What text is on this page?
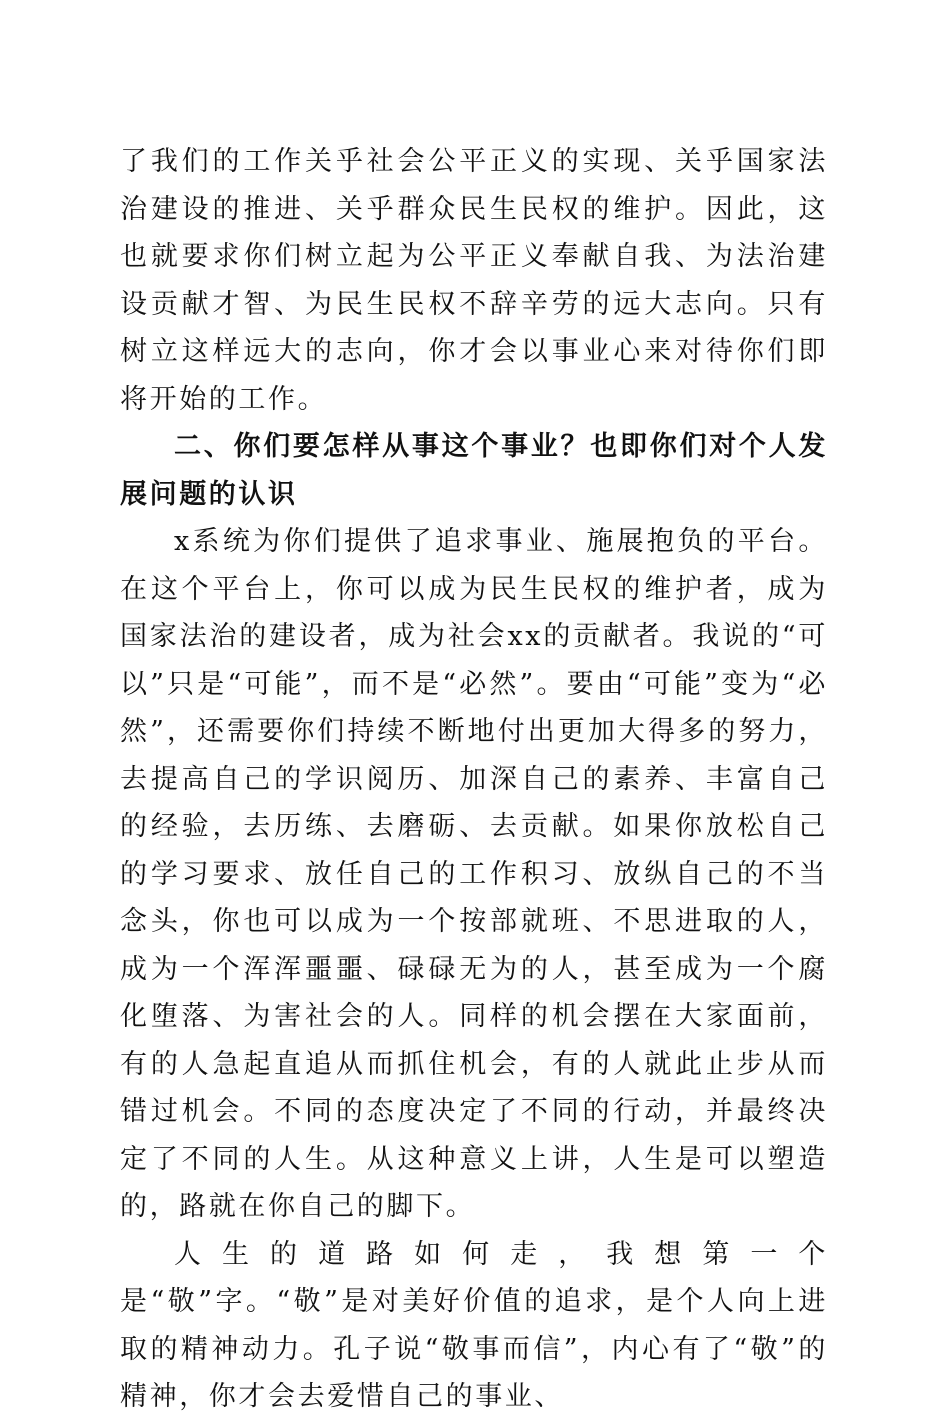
了我们的工作关乎社会公平正义的实现、关乎国家法治建设的推进、关乎群众民生民权的维护。因此，这也就要求你们树立起为公平正义奉献自我、为法治建设贡献才智、为民生民权不辞辛劳的远大志向。只有树立这样远大的志向，你才会以事业心来对待你们即将开始的工作。

二、你们要怎样从事这个事业？也即你们对个人发展问题的认识

x系统为你们提供了追求事业、施展抱负的平台。在这个平台上，你可以成为民生民权的维护者，成为国家法治的建设者，成为社会xx的贡献者。我说的“可以”只是“可能”，而不是“必然”。要由“可能”变为“必然”，还需要你们持续不断地付出更加大得多的努力，去提高自己的学识阅历、加深自己的素养、丰富自己的经验，去历练、去磨砺、去贡献。如果你放松自己的学习要求、放任自己的工作积习、放纵自己的不当念头，你也可以成为一个按部就班、不思进取的人，成为一个浑浑噩噩、碌碌无为的人，甚至成为一个腐化堕落、为害社会的人。同样的机会摆在大家面前，有的人急起直追从而抓住机会，有的人就此止步从而错过机会。不同的态度决定了不同的行动，并最终决定了不同的人生。从这种意义上讲，人生是可以塑造的，路就在你自己的脚下。

人生的道路如何走，我想第一个是“敬”字。“敬”是对美好价值的追求，是个人向上进取的精神动力。孔子说“敬事而信”，内心有了“敬”的精神，你才会去爱惜自己的事业、
